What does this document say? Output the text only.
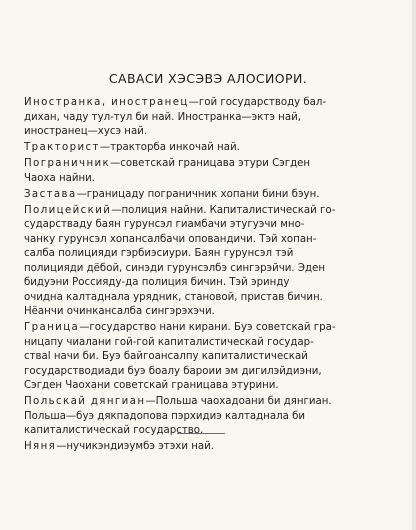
САВАСИ ХЭСЭВЭ АЛОСИОРИ.

Иностранка, иностранец—гой государстводу бал-
дихан, чаду тул-тул би най. Иностранка—эктэ най,
иностранец—хусэ най.

Тракторист—тракторба инкочай най.

Пограничник—советскай границава этури Сэгден
Чаоха найни.

Застава—границаду пограничник хопани бини бэун.

Полицейский—полиция найни. Капиталистическай го-
сударстваду баян гурунсэл гиамбачи этугуэчи мно-
чанку гурунсэл хопансалбачи оповандичи. Тэй хопан-
салба полицияди гэрбиэсиури. Баян гурунсэл тэй
полицияди дёбой, синэди гурунсэлбэ сингэрэйчи. Эден
бидуэни Россияду-да полиция бичин. Тэй эринду
очидна калтаднала урядник, становой, пристав бичин.
Нёанчи очинкансалба сингэрэхэчи.

Граница—государство нани кирани. Буэ советскай гра-
ницапу чиалани гой-гой капиталистическай государ-
стваl начи би. Буэ байгоансалпу капиталистическай
государстводиади буэ боалу бароии эм дигилэйдиэни,
Сэгден Чаохани советскай границава этурини.

Польскай дянгиан—Польша чаохадоани би дянгиан.
Польша—буэ дякпадопова пэрхидиэ калтаднала би
капиталистическай государство.

Няня—нучикэндиэумбэ этэхи най.
